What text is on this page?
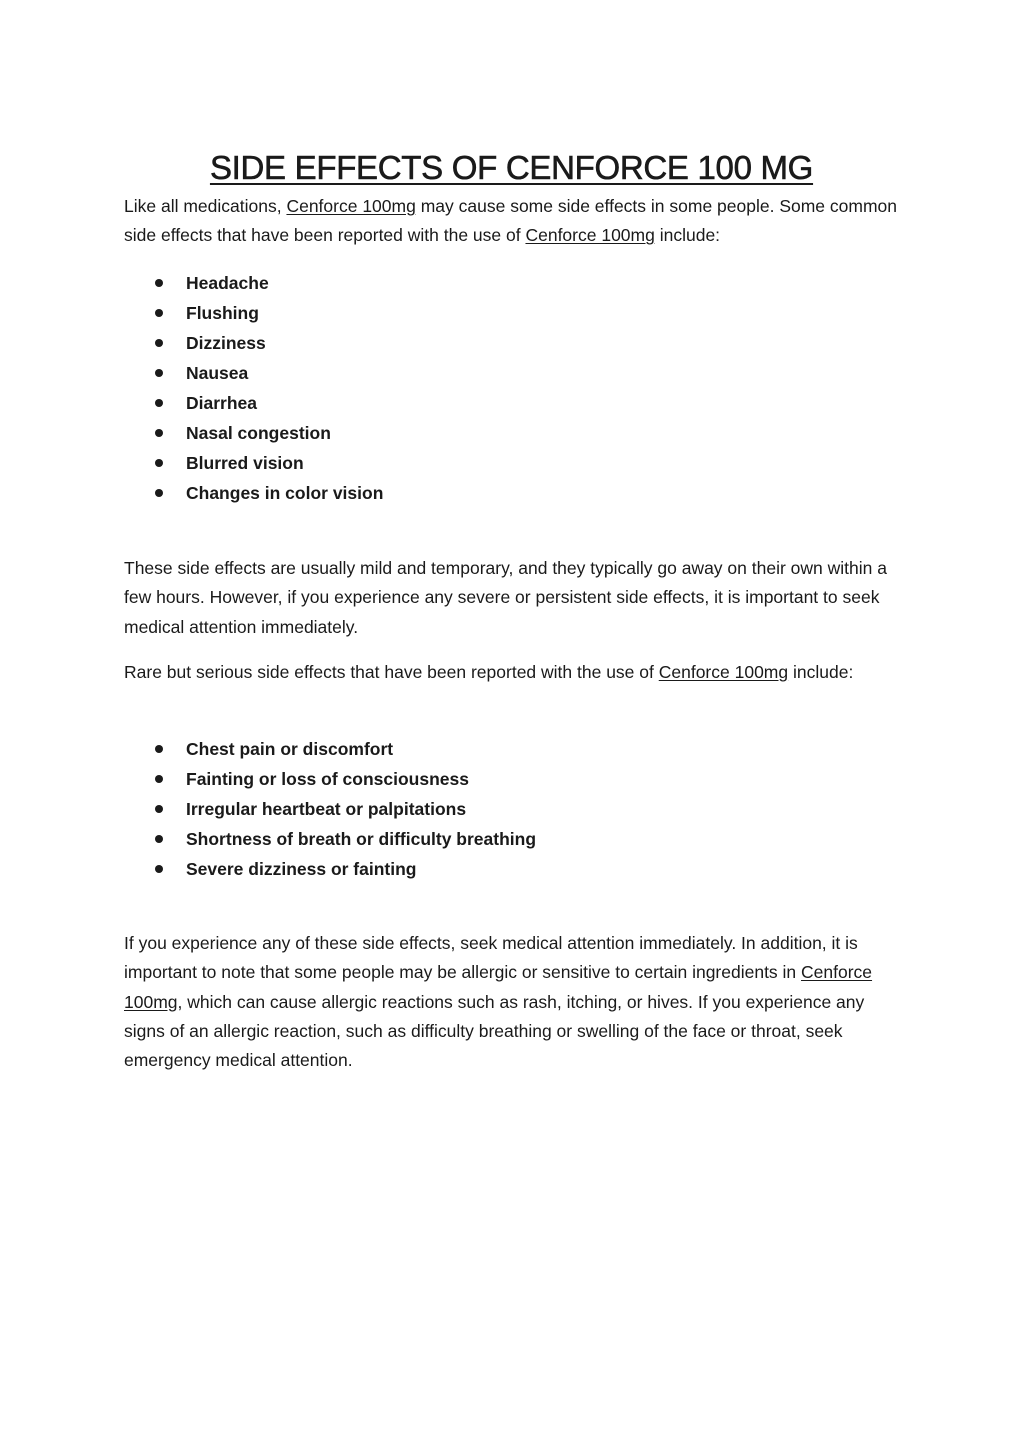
SIDE EFFECTS OF CENFORCE 100 MG

Like all medications, Cenforce 100mg may cause some side effects in some people. Some common side effects that have been reported with the use of Cenforce 100mg include:

Headache
Flushing
Dizziness
Nausea
Diarrhea
Nasal congestion
Blurred vision
Changes in color vision

These side effects are usually mild and temporary, and they typically go away on their own within a few hours. However, if you experience any severe or persistent side effects, it is important to seek medical attention immediately.

Rare but serious side effects that have been reported with the use of Cenforce 100mg include:

Chest pain or discomfort
Fainting or loss of consciousness
Irregular heartbeat or palpitations
Shortness of breath or difficulty breathing
Severe dizziness or fainting

If you experience any of these side effects, seek medical attention immediately. In addition, it is important to note that some people may be allergic or sensitive to certain ingredients in Cenforce 100mg, which can cause allergic reactions such as rash, itching, or hives. If you experience any signs of an allergic reaction, such as difficulty breathing or swelling of the face or throat, seek emergency medical attention.
